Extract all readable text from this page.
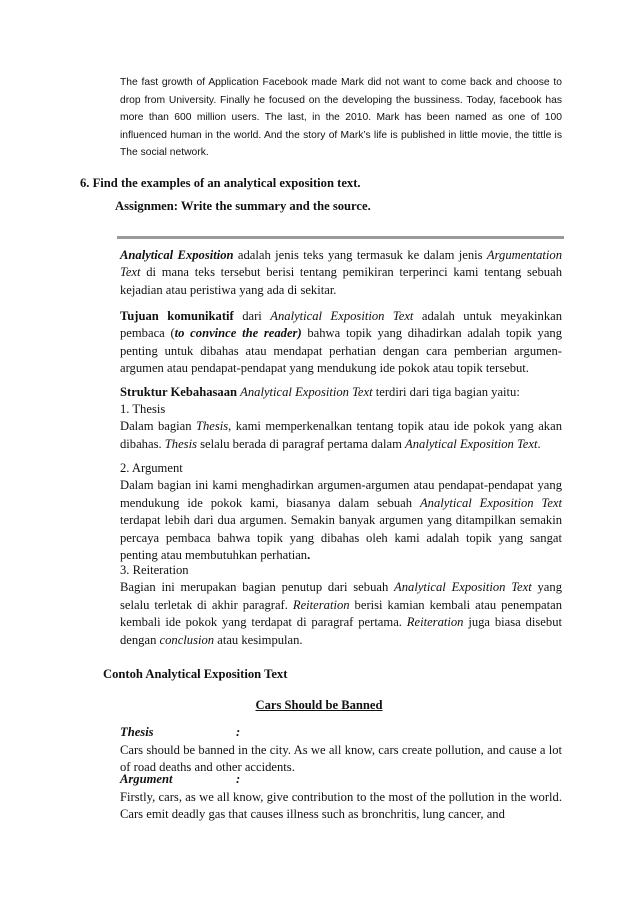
The fast growth of Application Facebook made Mark did not want to come back and choose to drop from University. Finally he focused on the developing the bussiness. Today, facebook has more than 600 million users. The last, in the 2010. Mark has been named as one of 100 influenced human in the world. And the story of Mark’s life is published in little movie, the tittle is The social network.

6. Find the examples of an analytical exposition text.

Assignmen: Write the summary and the source.

Analytical Exposition adalah jenis teks yang termasuk ke dalam jenis Argumentation Text di mana teks tersebut berisi tentang pemikiran terperinci kami tentang sebuah kejadian atau peristiwa yang ada di sekitar.

Tujuan komunikatif dari Analytical Exposition Text adalah untuk meyakinkan pembaca (to convince the reader) bahwa topik yang dihadirkan adalah topik yang penting untuk dibahas atau mendapat perhatian dengan cara pemberian argumen-argumen atau pendapat-pendapat yang mendukung ide pokok atau topik tersebut.

Struktur Kebahasaan Analytical Exposition Text terdiri dari tiga bagian yaitu:

1. Thesis

Dalam bagian Thesis, kami memperkenalkan tentang topik atau ide pokok yang akan dibahas. Thesis selalu berada di paragraf pertama dalam Analytical Exposition Text.

2. Argument

Dalam bagian ini kami menghadirkan argumen-argumen atau pendapat-pendapat yang mendukung ide pokok kami, biasanya dalam sebuah Analytical Exposition Text terdapat lebih dari dua argumen. Semakin banyak argumen yang ditampilkan semakin percaya pembaca bahwa topik yang dibahas oleh kami adalah topik yang sangat penting atau membutuhkan perhatian.

3. Reiteration

Bagian ini merupakan bagian penutup dari sebuah Analytical Exposition Text yang selalu terletak di akhir paragraf. Reiteration berisi kamian kembali atau penempatan kembali ide pokok yang terdapat di paragraf pertama. Reiteration juga biasa disebut dengan conclusion atau kesimpulan.

Contoh Analytical Exposition Text

Cars Should be Banned

Thesis	:

Cars should be banned in the city. As we all know, cars create pollution, and cause a lot of road deaths and other accidents.

Argument	:

Firstly, cars, as we all know, give contribution to the most of the pollution in the world. Cars emit deadly gas that causes illness such as bronchritis, lung cancer, and
